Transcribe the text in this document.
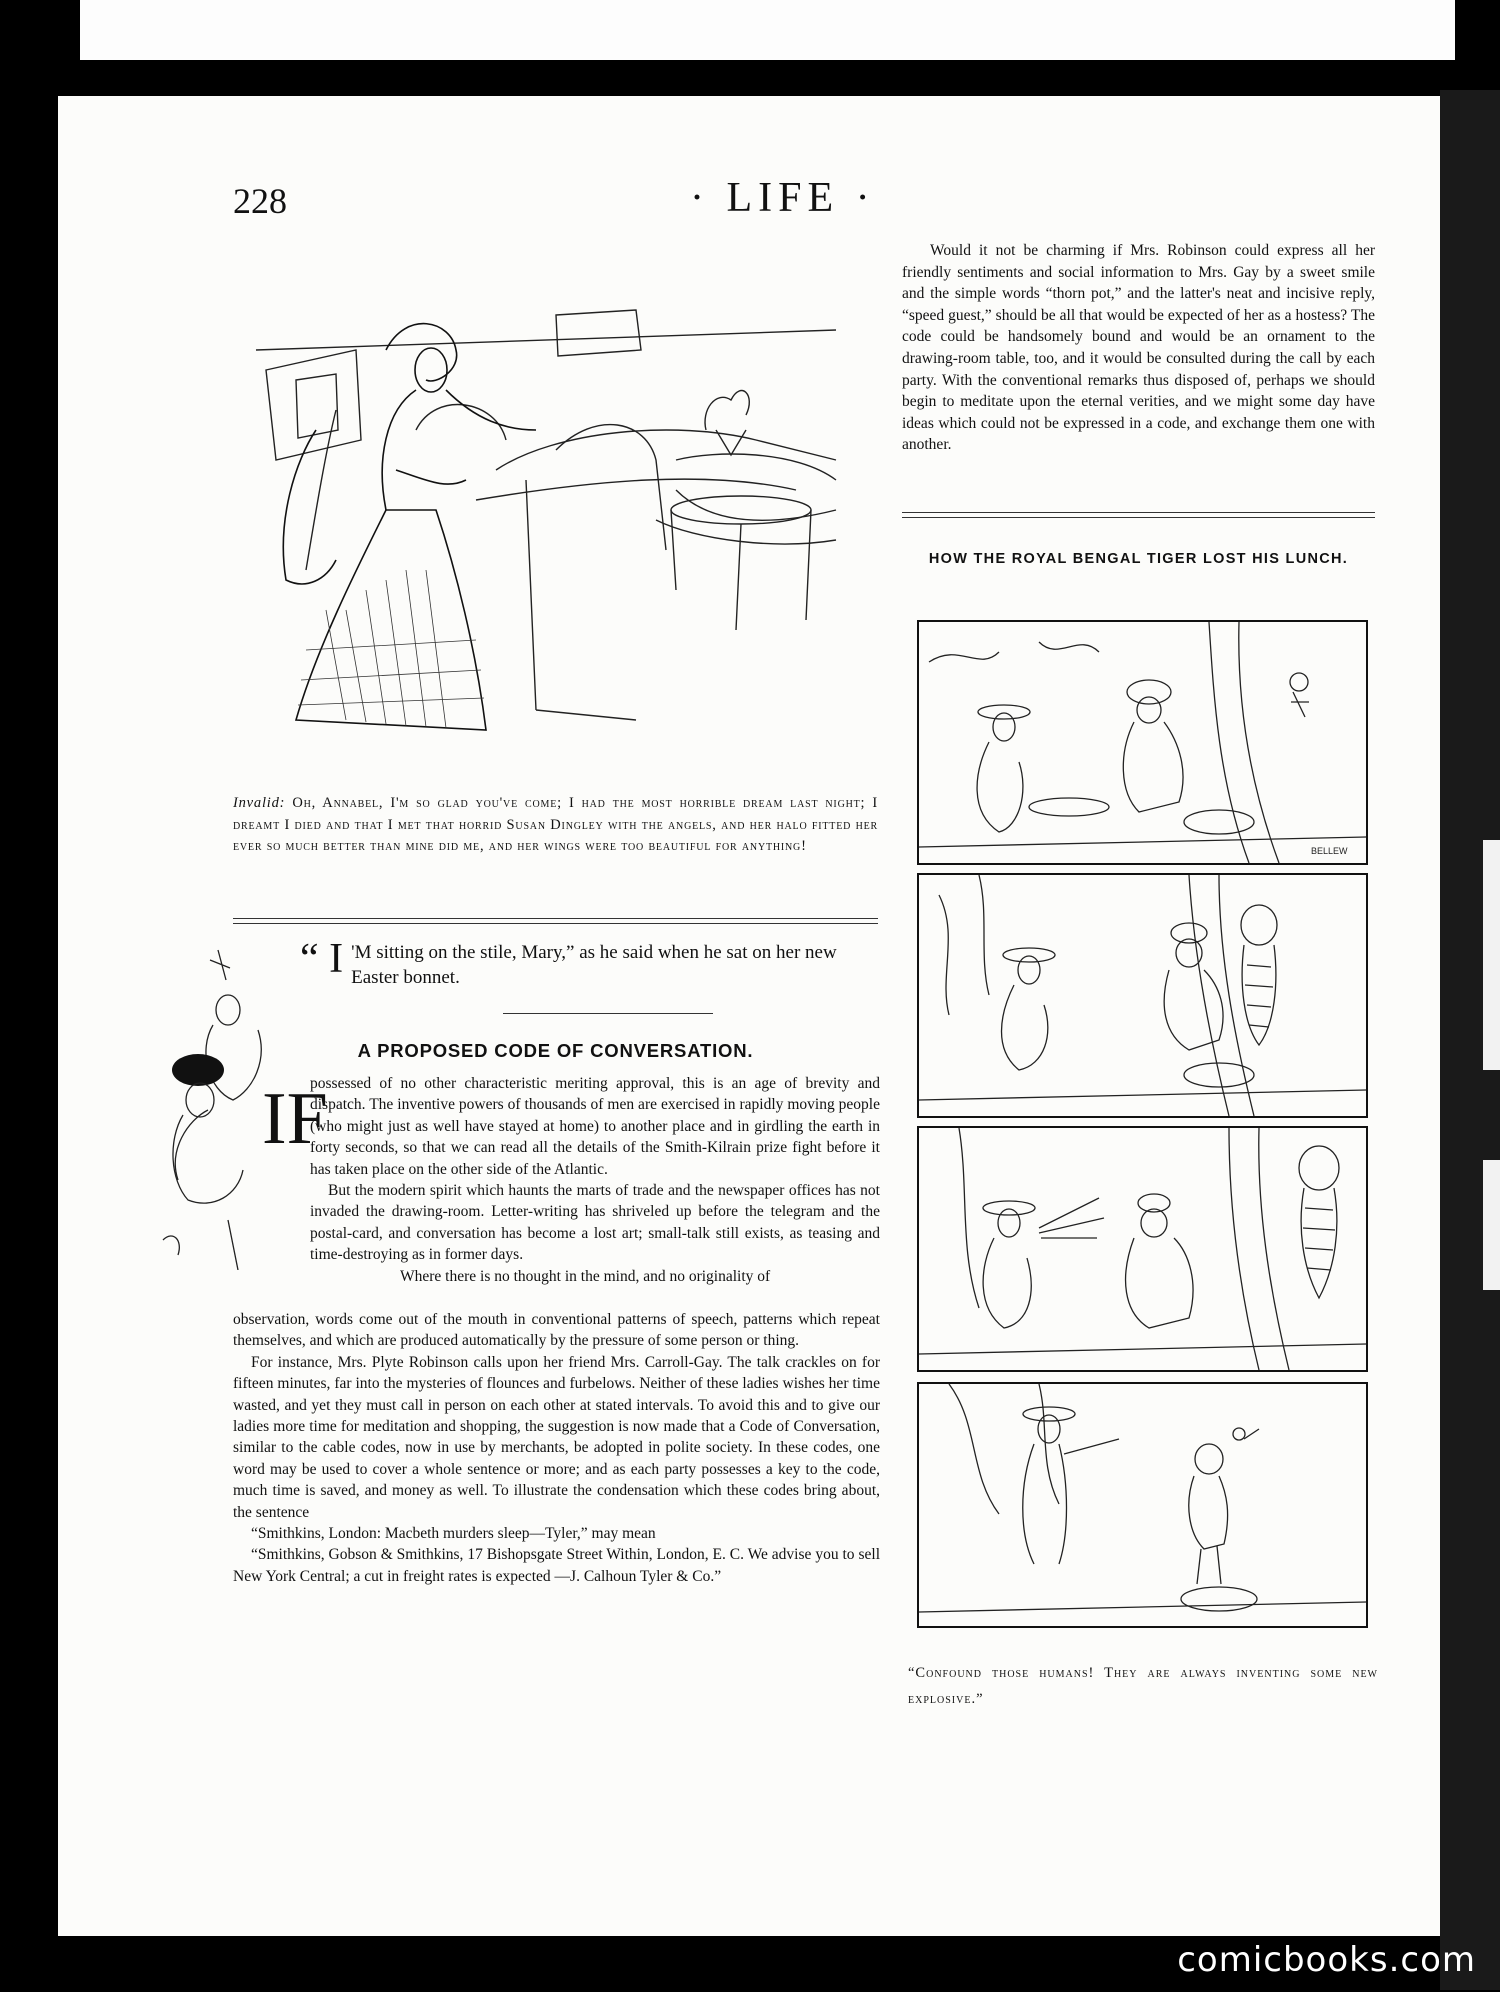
228	· LIFE ·
Invalid: Oh, Annabel, I'm so glad you've come; I had the most horrible dream last night; I dreamt I died and that I met that horrid Susan Dingley with the angels, and her halo fitted her ever so much better than mine did me, and her wings were too beautiful for anything!
“ I 'M sitting on the stile, Mary,” as he said when he sat on her new Easter bonnet.
A PROPOSED CODE OF CONVERSATION.
IF

possessed of no other characteristic meriting approval, this is an age of brevity and dispatch. The inventive powers of thousands of men are exercised in rapidly moving people (who might just as well have stayed at home) to another place and in girdling the earth in forty seconds, so that we can read all the details of the Smith-Kilrain prize fight before it has taken place on the other side of the Atlantic.

But the modern spirit which haunts the marts of trade and the newspaper offices has not invaded the drawing-room. Letter-writing has shriveled up before the telegram and the postal-card, and conversation has become a lost art; small-talk still exists, as teasing and time-destroying as in former days.

Where there is no thought in the mind, and no originality of

observation, words come out of the mouth in conventional patterns of speech, patterns which repeat themselves, and which are produced automatically by the pressure of some person or thing.

For instance, Mrs. Plyte Robinson calls upon her friend Mrs. Carroll-Gay. The talk crackles on for fifteen minutes, far into the mysteries of flounces and furbelows. Neither of these ladies wishes her time wasted, and yet they must call in person on each other at stated intervals. To avoid this and to give our ladies more time for meditation and shopping, the suggestion is now made that a Code of Conversation, similar to the cable codes, now in use by merchants, be adopted in polite society. In these codes, one word may be used to cover a whole sentence or more; and as each party possesses a key to the code, much time is saved, and money as well. To illustrate the condensation which these codes bring about, the sentence

“Smithkins, London: Macbeth murders sleep—Tyler,” may mean

“Smithkins, Gobson & Smithkins, 17 Bishopsgate Street Within, London, E. C. We advise you to sell New York Central; a cut in freight rates is expected —J. Calhoun Tyler & Co.”

Would it not be charming if Mrs. Robinson could express all her friendly sentiments and social information to Mrs. Gay by a sweet smile and the simple words “thorn pot,” and the latter's neat and incisive reply, “speed guest,” should be all that would be expected of her as a hostess? The code could be handsomely bound and would be an ornament to the drawing-room table, too, and it would be consulted during the call by each party. With the conventional remarks thus disposed of, perhaps we should begin to meditate upon the eternal verities, and we might some day have ideas which could not be expressed in a code, and exchange them one with another.

HOW THE ROYAL BENGAL TIGER LOST HIS LUNCH.
BELLEW
“Confound those humans! They are always inventing some new explosive.”
comicbooks.com
